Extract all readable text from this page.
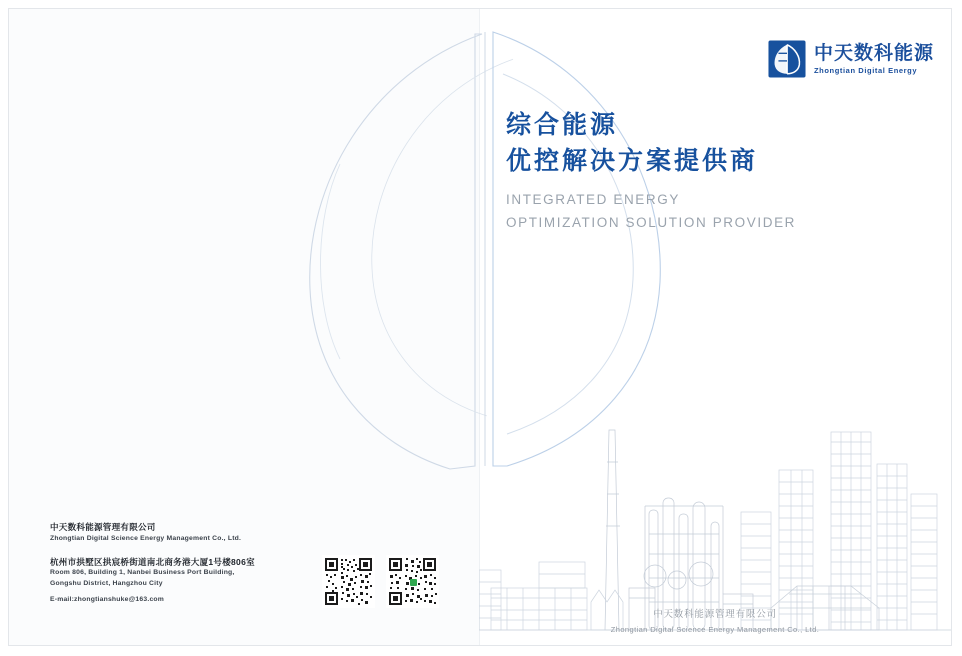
中天数科能源
Zhongtian Digital Energy
综合能源
优控解决方案提供商
INTEGRATED ENERGY
OPTIMIZATION SOLUTION PROVIDER
中天数科能源管理有限公司
Zhongtian Digital Science Energy Management Co., Ltd.
中天数科能源管理有限公司
Zhongtian Digital Science Energy Management Co., Ltd.
杭州市拱墅区拱宸桥街道南北商务港大厦1号楼806室
Room 806, Building 1, Nanbei Business Port Building,
Gongshu District, Hangzhou City
E-mail:zhongtianshuke@163.com
